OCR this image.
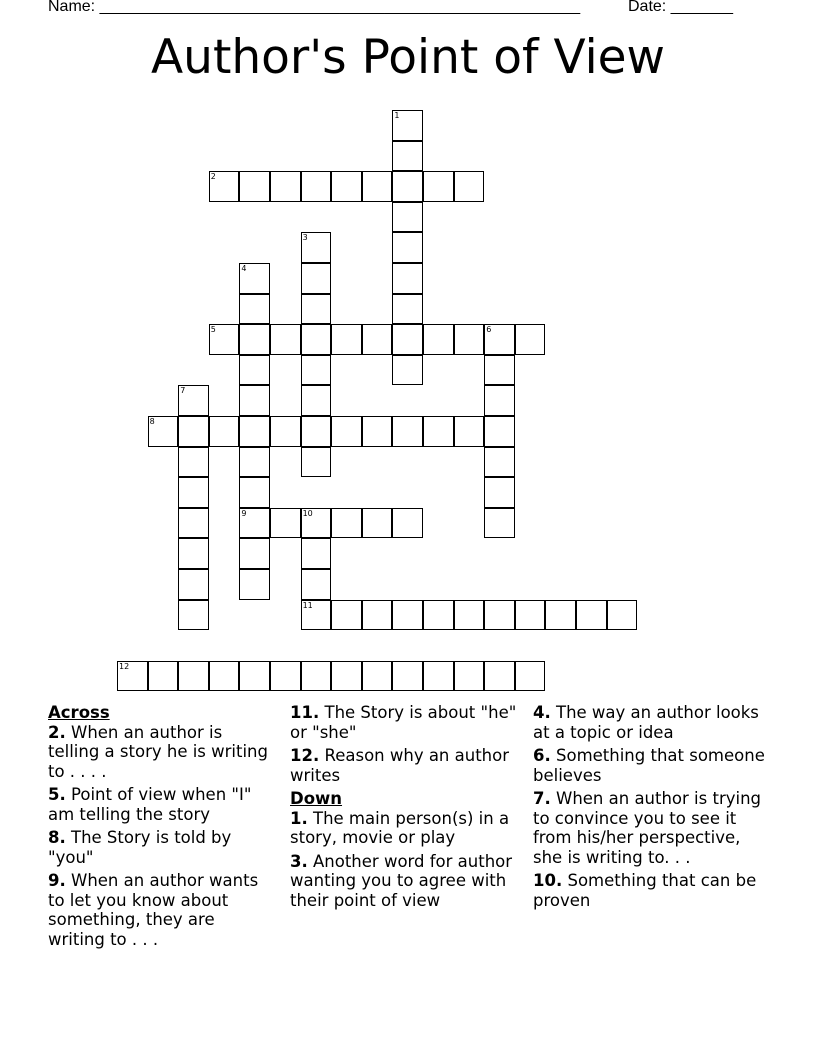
Name: ______________________________________________________	Date: _______
Author's Point of View
2
5	6
8
9	10
11
12
1
3
4
7
Across
2. When an author is telling a story he is writing to . . . .
5. Point of view when "I" am telling the story
8. The Story is told by "you"
9. When an author wants to let you know about something, they are writing to . . .
11. The Story is about "he" or "she"
12. Reason why an author writes
Down
1. The main person(s) in a story, movie or play
3. Another word for author wanting you to agree with their point of view
4. The way an author looks at a topic or idea
6. Something that someone believes
7. When an author is trying to convince you to see it from his/her perspective, she is writing to. . .
10. Something that can be proven
